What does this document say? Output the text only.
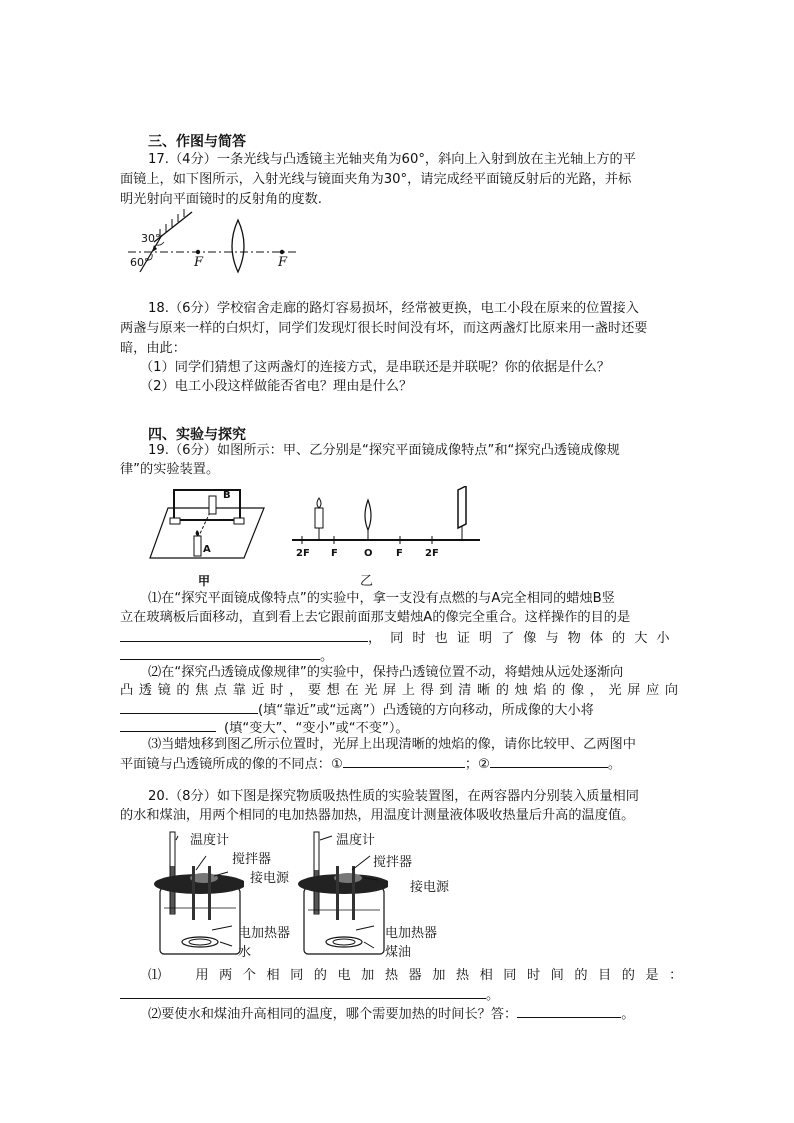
三、作图与简答
17.（4分）一条光线与凸透镜主光轴夹角为60°，斜向上入射到放在主光轴上方的平
面镜上，如下图所示，入射光线与镜面夹角为30°，请完成经平面镜反射后的光路，并标
明光射向平面镜时的反射角的度数.
30°
60°	F	F
18.（6分）学校宿舍走廊的路灯容易损坏，经常被更换，电工小段在原来的位置接入
两盏与原来一样的白炽灯，同学们发现灯很长时间没有坏，而这两盏灯比原来用一盏时还要
暗，由此：
（1）同学们猜想了这两盏灯的连接方式，是串联还是并联呢？你的依据是什么？
（2）电工小段这样做能否省电？理由是什么？
四、实验与探究
19.（6分）如图所示：甲、乙分别是“探究平面镜成像特点”和“探究凸透镜成像规
律”的实验装置。
B
A
甲
2F F	O F 2F
乙
⑴在“探究平面镜成像特点”的实验中，拿一支没有点燃的与A完全相同的蜡烛B竖
立在玻璃板后面移动，直到看上去它跟前面那支蜡烛A的像完全重合。这样操作的目的是
，同时也证明了像与物体的大小
。
⑵在“探究凸透镜成像规律”的实验中，保持凸透镜位置不动，将蜡烛从远处逐渐向
凸透镜的焦点靠近时，要想在光屏上得到清晰的烛焰的像，光屏应向
(填“靠近”或“远离”）凸透镜的方向移动，所成像的大小将
(填“变大”、“变小”或“不变”）。
⑶当蜡烛移到图乙所示位置时，光屏上出现清晰的烛焰的像，请你比较甲、乙两图中
平面镜与凸透镜所成的像的不同点：①	；②	。
20.（8分）如下图是探究物质吸热性质的实验装置图，在两容器内分别装入质量相同
的水和煤油，用两个相同的电加热器加热，用温度计测量液体吸收热量后升高的温度值。
温度计
搅拌器
接电源
电加热器
水
温度计
搅拌器
接电源
电加热器
煤油
⑴　用两个相同的电加热器加热相同时间的目的是：
。
⑵要使水和煤油升高相同的温度，哪个需要加热的时间长？答：	。
